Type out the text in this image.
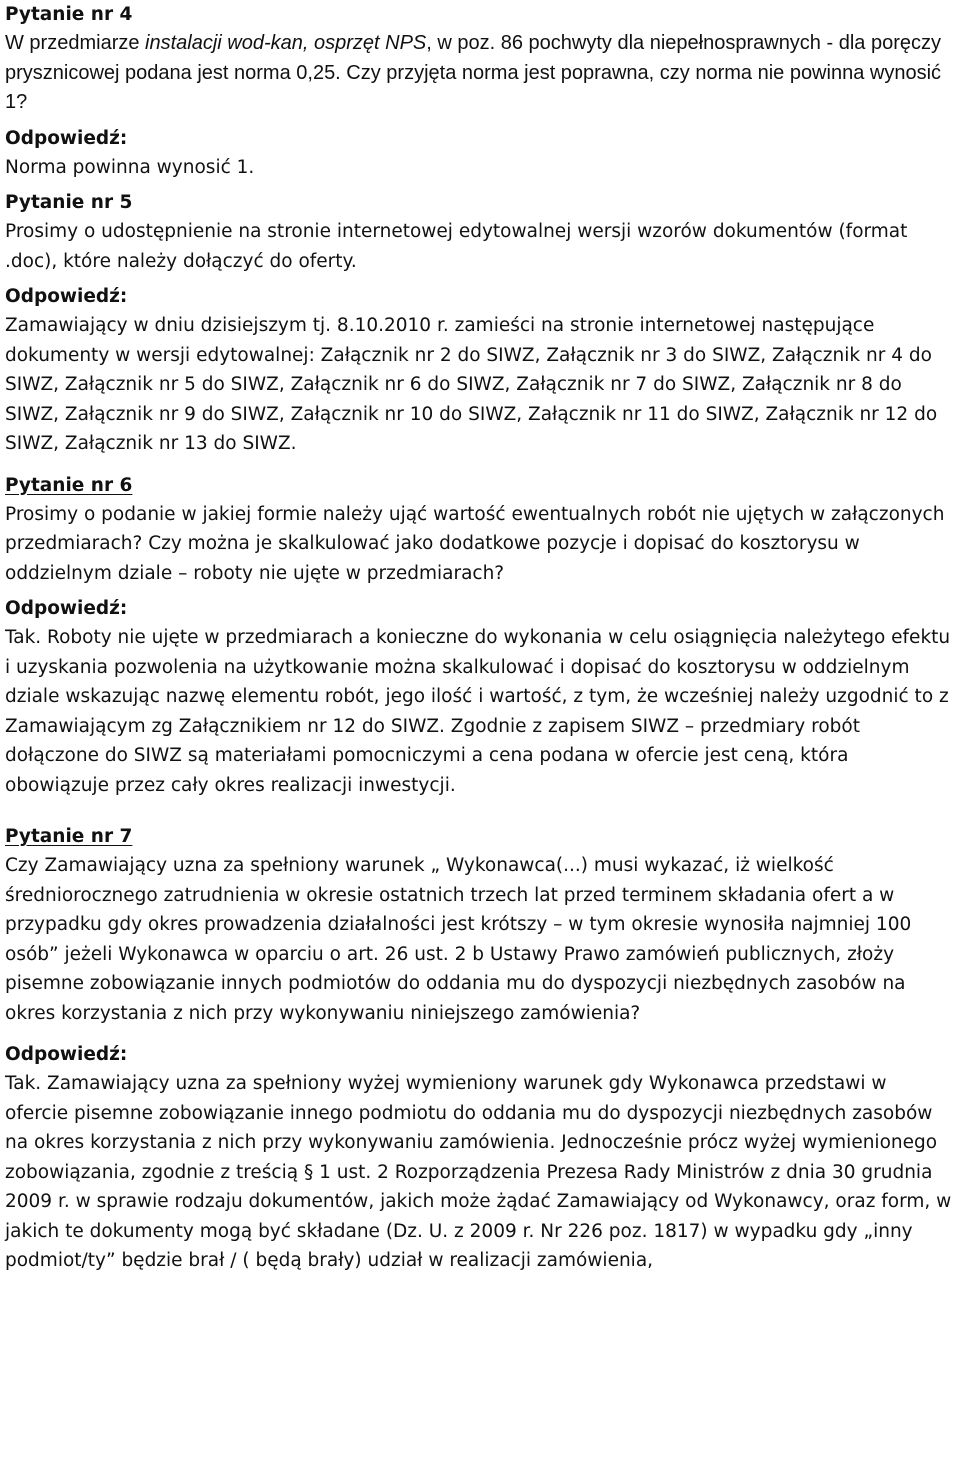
Pytanie nr 4

W przedmiarze instalacji wod-kan, osprzęt NPS, w poz. 86 pochwyty dla niepełnosprawnych - dla poręczy prysznicowej podana jest norma 0,25. Czy przyjęta norma jest poprawna, czy norma nie powinna wynosić 1?

Odpowiedź:

Norma powinna wynosić 1.

Pytanie nr 5

Prosimy o udostępnienie na stronie internetowej edytowalnej wersji wzorów dokumentów (format .doc), które należy dołączyć do oferty.

Odpowiedź:

Zamawiający w dniu dzisiejszym tj. 8.10.2010 r. zamieści na stronie internetowej następujące dokumenty w wersji edytowalnej: Załącznik nr 2 do SIWZ, Załącznik nr 3 do SIWZ, Załącznik nr 4 do SIWZ, Załącznik nr 5 do SIWZ, Załącznik nr 6 do SIWZ, Załącznik nr 7 do SIWZ, Załącznik nr 8 do SIWZ, Załącznik nr 9 do SIWZ, Załącznik nr 10 do SIWZ, Załącznik nr 11 do SIWZ, Załącznik nr 12 do SIWZ, Załącznik nr 13 do SIWZ.

Pytanie nr 6

Prosimy o podanie w jakiej formie należy ująć wartość ewentualnych robót nie ujętych w załączonych przedmiarach? Czy można je skalkulować jako dodatkowe pozycje i dopisać do kosztorysu w oddzielnym dziale – roboty nie ujęte w przedmiarach?

Odpowiedź:

Tak. Roboty nie ujęte w przedmiarach a konieczne do wykonania w celu osiągnięcia należytego efektu i uzyskania pozwolenia na użytkowanie można skalkulować i dopisać do kosztorysu w oddzielnym dziale wskazując nazwę elementu robót, jego ilość i wartość, z tym, że wcześniej należy uzgodnić to z Zamawiającym zg Załącznikiem nr 12 do SIWZ. Zgodnie z zapisem SIWZ – przedmiary robót dołączone do SIWZ są materiałami pomocniczymi a cena podana w ofercie jest ceną, która obowiązuje przez cały okres realizacji inwestycji.

Pytanie nr 7

Czy Zamawiający uzna za spełniony warunek „ Wykonawca(...) musi wykazać, iż wielkość średniorocznego zatrudnienia w okresie ostatnich trzech lat przed terminem składania ofert a w przypadku gdy okres prowadzenia działalności jest krótszy – w tym okresie wynosiła najmniej 100 osób” jeżeli Wykonawca w oparciu o art. 26 ust. 2 b Ustawy Prawo zamówień publicznych, złoży pisemne zobowiązanie innych podmiotów do oddania mu do dyspozycji niezbędnych zasobów na okres korzystania z nich przy wykonywaniu niniejszego zamówienia?

Odpowiedź:

Tak. Zamawiający uzna za spełniony wyżej wymieniony warunek gdy Wykonawca przedstawi w ofercie pisemne zobowiązanie innego podmiotu do oddania mu do dyspozycji niezbędnych zasobów na okres korzystania z nich przy wykonywaniu zamówienia. Jednocześnie prócz wyżej wymienionego zobowiązania, zgodnie z treścią § 1 ust. 2 Rozporządzenia Prezesa Rady Ministrów z dnia 30 grudnia 2009 r. w sprawie rodzaju dokumentów, jakich może żądać Zamawiający od Wykonawcy, oraz form, w jakich te dokumenty mogą być składane (Dz. U. z 2009 r. Nr 226 poz. 1817) w wypadku gdy „inny podmiot/ty” będzie brał / ( będą brały) udział w realizacji zamówienia,
